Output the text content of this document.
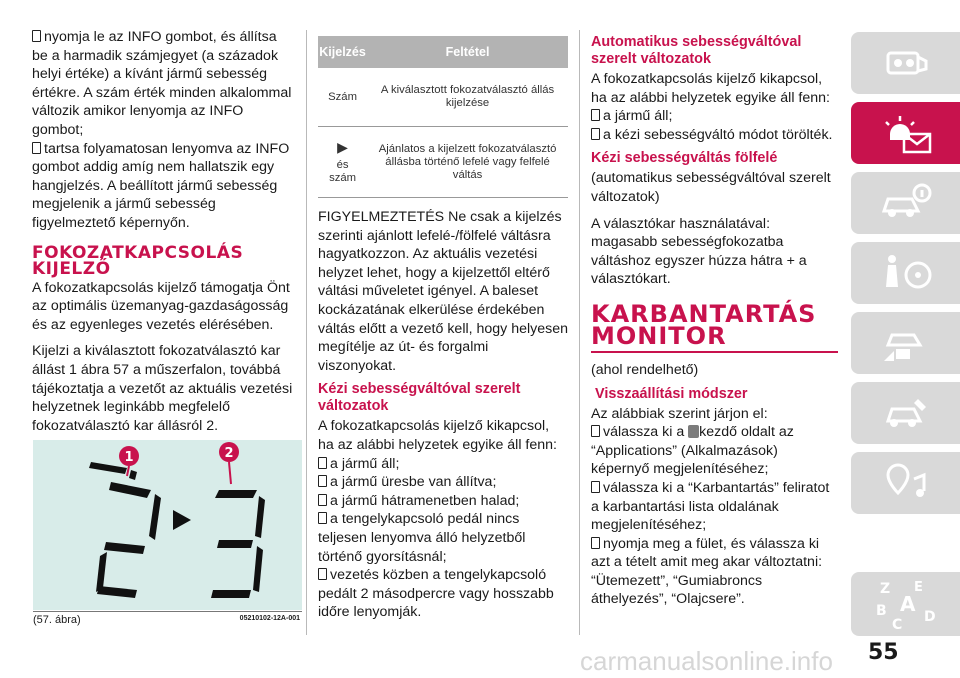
nyomja le az INFO gombot, és állítsa be a harmadik számjegyet (a századok helyi értéke) a kívánt jármű sebesség értékre. A szám érték minden alkalommal változik amikor lenyomja az INFO gombot;

tartsa folyamatosan lenyomva az INFO gombot addig amíg nem hallatszik egy hangjelzés. A beállított jármű sebesség megjelenik a jármű sebesség figyelmeztető képernyőn.

FOKOZATKAPCSOLÁS KIJELZŐ

A fokozatkapcsolás kijelző támogatja Önt az optimális üzemanyag-gazdaságosság és az egyenleges vezetés elérésében.

Kijelzi a kiválasztott fokozatválasztó kar állást 1 ábra 57 a műszerfalon, továbbá tájékoztatja a vezetőt az aktuális vezetési helyzetnek leginkább megfelelő fokozatválasztó kar állásról 2.

1	2
(57. ábra)	05210102-12A-001
Kijelzés	Feltétel
Szám	A kiválasztott fokozatválasztó állás kijelzése

▶
és szám	Ajánlatos a kijelzett fokozatválasztó állásba történő lefelé vagy felfelé váltás

FIGYELMEZTETÉS Ne csak a kijelzés szerinti ajánlott lefelé-/fölfelé váltásra hagyatkozzon. Az aktuális vezetési helyzet lehet, hogy a kijelzettől eltérő váltási műveletet igényel. A baleset kockázatának elkerülése érdekében váltás előtt a vezető kell, hogy helyesen megítélje az út- és forgalmi viszonyokat.

Kézi sebességváltóval szerelt változatok

A fokozatkapcsolás kijelző kikapcsol, ha az alábbi helyzetek egyike áll fenn:

a jármű áll;

a jármű üresbe van állítva;

a jármű hátramenetben halad;

a tengelykapcsoló pedál nincs teljesen lenyomva álló helyzetből történő gyorsításnál;

vezetés közben a tengelykapcsoló pedált 2 másodpercre vagy hosszabb időre lenyomják.

Automatikus sebességváltóval szerelt változatok

A fokozatkapcsolás kijelző kikapcsol, ha az alábbi helyzetek egyike áll fenn:

a jármű áll;

a kézi sebességváltó módot törölték.

Kézi sebességváltás fölfelé

(automatikus sebességváltóval szerelt változatok)

A választókar használatával: magasabb sebességfokozatba váltáshoz egyszer húzza hátra + a választókart.

KARBANTARTÁS MONITOR

(ahol rendelhető)

Visszaállítási módszer

Az alábbiak szerint járjon el:

válassza ki a kezdő oldalt az “Applications” (Alkalmazások) képernyő megjelenítéséhez;

válassza ki a “Karbantartás” feliratot a karbantartási lista oldalának megjelenítéséhez;

nyomja meg a fület, és válassza ki azt a tételt amit meg akar változtatni: “Ütemezett”, “Gumiabroncs áthelyezés”, “Olajcsere”.

Z E
B A
C D
carmanualsonline.info 55
